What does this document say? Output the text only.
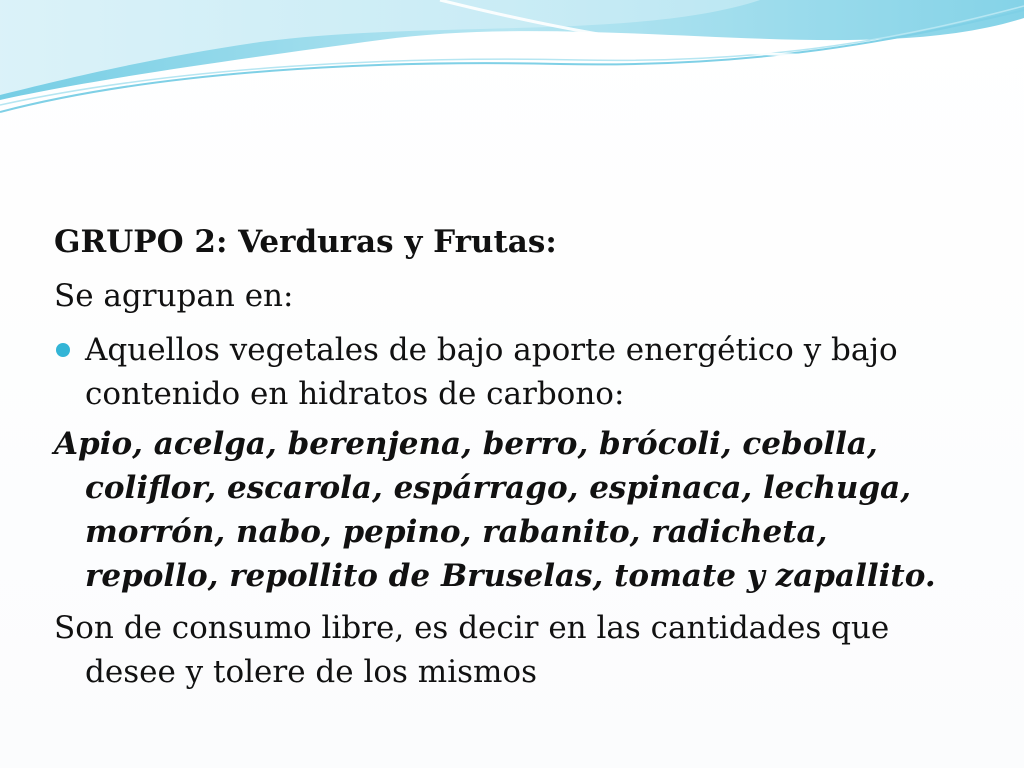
GRUPO 2: Verduras y Frutas:

Se agrupan en:

Aquellos vegetales de bajo aporte energético y bajo contenido en hidratos de carbono:

Apio, acelga, berenjena, berro, brócoli, cebolla, coliflor, escarola, espárrago, espinaca, lechuga, morrón, nabo, pepino, rabanito, radicheta, repollo, repollito de Bruselas, tomate y zapallito.

Son de consumo libre, es decir en las cantidades que desee y tolere de los mismos
